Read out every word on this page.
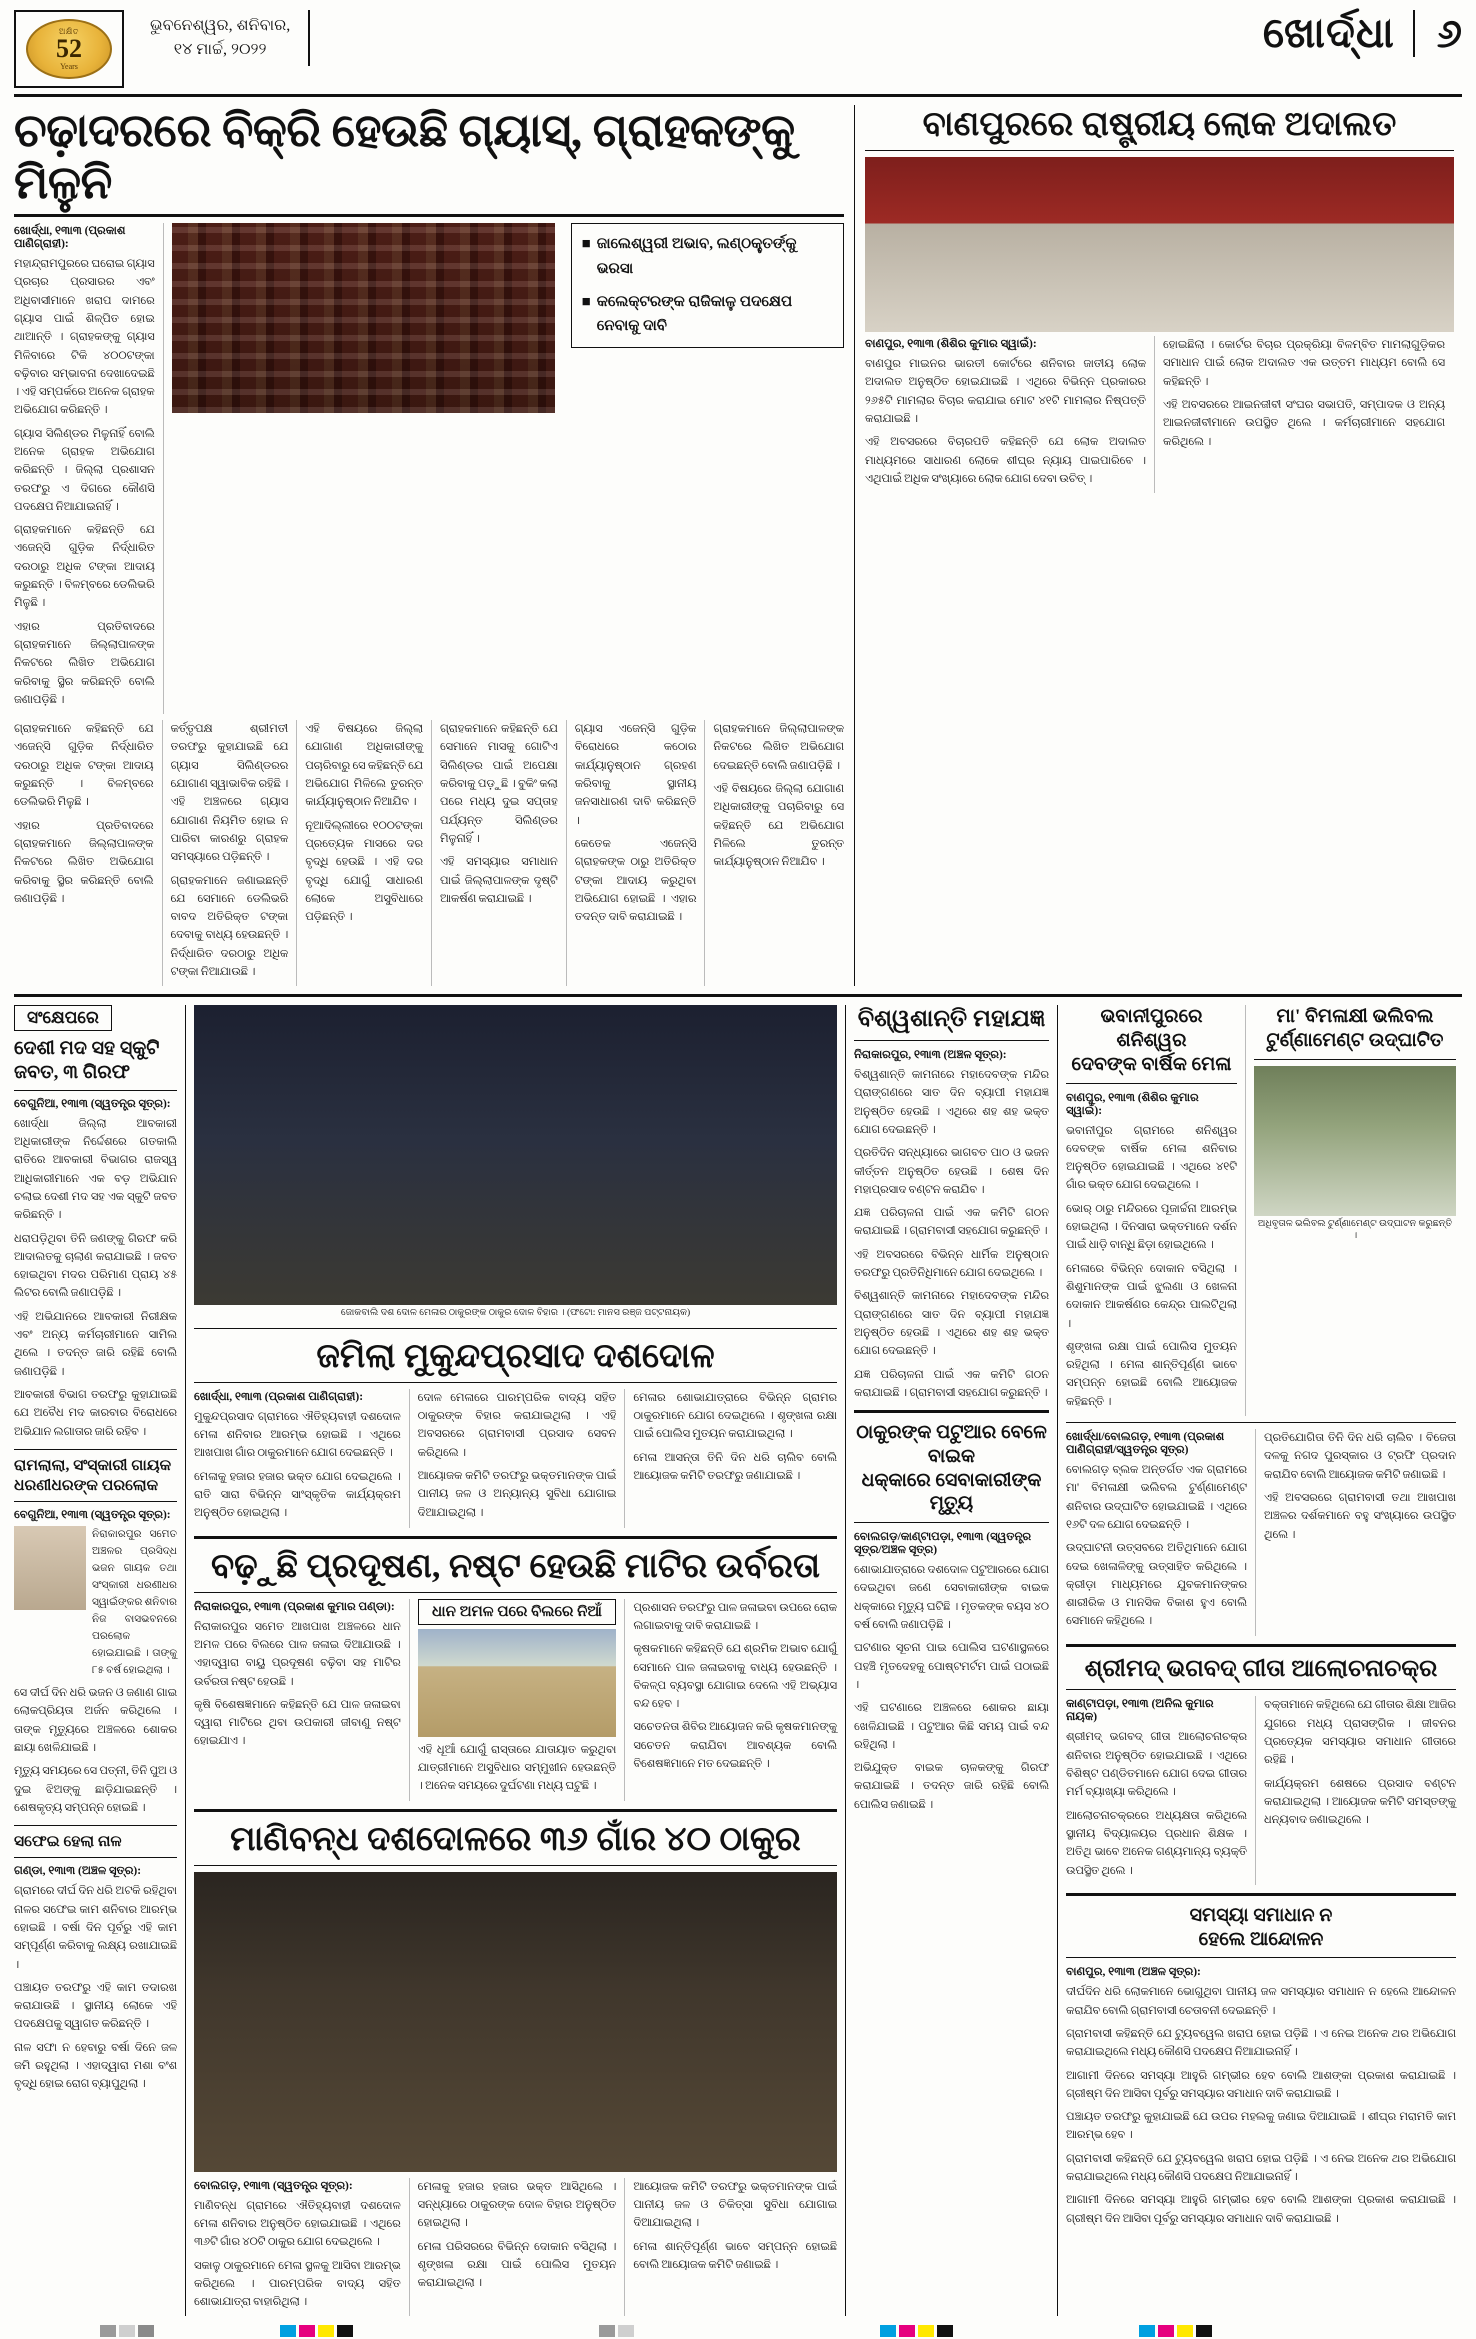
ଅକ୍ଷିତ
52
Years
ଭୁବନେଶ୍ୱର, ଶନିବାର,
୧୪ ମାର୍ଚ୍ଚ, ୨୦୨୨	ଖୋର୍ଦ୍ଧା	୬
ଚଢ଼ାଦରରେ ବିକ୍ରି ହେଉଛି ଗ୍ୟାସ୍, ଗ୍ରାହକଙ୍କୁ ମିଳୁନି
ଖୋର୍ଦ୍ଧା, ୧୩ା୩ (ପ୍ରକାଶ ପାଣିଗ୍ରାହୀ):

ମହାନ୍ଦ୍ରାମପୁରରେ ଘରୋଇ ଗ୍ୟାସ ପ୍ରଚାର ପ୍ରସାରର ଏବଂ ଅଧିବାସୀମାନେ ଖରାପ ଦାମରେ ଗ୍ୟାସ ପାଇଁ ଶିଳ୍ପିତ ହୋଇ ଥାଆନ୍ତି । ଗ୍ରାହକଙ୍କୁ ଗ୍ୟାସ ମିଳିବାରେ ଟିକି ୪୦୦ଟଙ୍କା ବଢ଼ିବାର ସମ୍ଭାବନା ଦେଖାଦେଇଛି । ଏହି ସମ୍ପର୍କରେ ଅନେକ ଗ୍ରାହକ ଅଭିଯୋଗ କରିଛନ୍ତି ।

ଗ୍ୟାସ ସିଲିଣ୍ଡର ମିଳୁନାହିଁ ବୋଲି ଅନେକ ଗ୍ରାହକ ଅଭିଯୋଗ କରିଛନ୍ତି । ଜିଲ୍ଲା ପ୍ରଶାସନ ତରଫରୁ ଏ ଦିଗରେ କୌଣସି ପଦକ୍ଷେପ ନିଆଯାଇନାହିଁ ।

ଗ୍ରାହକମାନେ କହିଛନ୍ତି ଯେ ଏଜେନ୍ସି ଗୁଡ଼ିକ ନିର୍ଦ୍ଧାରିତ ଦରଠାରୁ ଅଧିକ ଟଙ୍କା ଆଦାୟ କରୁଛନ୍ତି । ବିଳମ୍ବରେ ଡେଲିଭରି ମିଳୁଛି ।

ଏହାର ପ୍ରତିବାଦରେ ଗ୍ରାହକମାନେ ଜିଲ୍ଲାପାଳଙ୍କ ନିକଟରେ ଲିଖିତ ଅଭିଯୋଗ କରିବାକୁ ସ୍ଥିର କରିଛନ୍ତି ବୋଲି ଜଣାପଡ଼ିଛି ।

■ ଜାଲେଶ୍ୱରୀ ଅଭାବ, ଲଣ୍ଠକ୍ତ୍ତର୍ଙ୍କୁ ଭରସା
■ କଲେକ୍ଟରଙ୍କ ରାଜିକାଳୁ ପଦକ୍ଷେପ ନେବାକୁ ଦାବି

ଗ୍ରାହକମାନେ କହିଛନ୍ତି ଯେ ଏଜେନ୍ସି ଗୁଡ଼ିକ ନିର୍ଦ୍ଧାରିତ ଦରଠାରୁ ଅଧିକ ଟଙ୍କା ଆଦାୟ କରୁଛନ୍ତି । ବିଳମ୍ବରେ ଡେଲିଭରି ମିଳୁଛି ।

ଏହାର ପ୍ରତିବାଦରେ ଗ୍ରାହକମାନେ ଜିଲ୍ଲାପାଳଙ୍କ ନିକଟରେ ଲିଖିତ ଅଭିଯୋଗ କରିବାକୁ ସ୍ଥିର କରିଛନ୍ତି ବୋଲି ଜଣାପଡ଼ିଛି ।

କର୍ତ୍ତୃପକ୍ଷ ଶ୍ରୀମତୀ ତରଫରୁ କୁହାଯାଇଛି ଯେ ଗ୍ୟାସ ସିଲିଣ୍ଡରର ଯୋଗାଣ ସ୍ୱାଭାବିକ ରହିଛି । ଏହି ଅଞ୍ଚଳରେ ଗ୍ୟାସ ଯୋଗାଣ ନିୟମିତ ହୋଇ ନ ପାରିବା କାରଣରୁ ଗ୍ରାହକ ସମସ୍ୟାରେ ପଡ଼ିଛନ୍ତି ।

ଗ୍ରାହକମାନେ ଜଣାଇଛନ୍ତି ଯେ ସେମାନେ ଡେଲିଭରି ବାବଦ ଅତିରିକ୍ତ ଟଙ୍କା ଦେବାକୁ ବାଧ୍ୟ ହେଉଛନ୍ତି । ନିର୍ଦ୍ଧାରିତ ଦରଠାରୁ ଅଧିକ ଟଙ୍କା ନିଆଯାଉଛି ।

ଏହି ବିଷୟରେ ଜିଲ୍ଲା ଯୋଗାଣ ଅଧିକାରୀଙ୍କୁ ପଚାରିବାରୁ ସେ କହିଛନ୍ତି ଯେ ଅଭିଯୋଗ ମିଳିଲେ ତୁରନ୍ତ କାର୍ଯ୍ୟାନୁଷ୍ଠାନ ନିଆଯିବ ।

ନୂଆଦିଲ୍ଲୀରେ ୧୦୦ଟଙ୍କା ପ୍ରତ୍ୟେକ ମାସରେ ଦର ବୃଦ୍ଧି ହେଉଛି । ଏହି ଦର ବୃଦ୍ଧି ଯୋଗୁଁ ସାଧାରଣ ଲୋକେ ଅସୁବିଧାରେ ପଡ଼ିଛନ୍ତି ।

ଗ୍ରାହକମାନେ କହିଛନ୍ତି ଯେ ସେମାନେ ମାସକୁ ଗୋଟିଏ ସିଲିଣ୍ଡର ପାଇଁ ଅପେକ୍ଷା କରିବାକୁ ପଡ଼ୁଛି । ବୁକିଂ କଲା ପରେ ମଧ୍ୟ ଦୁଇ ସପ୍ତାହ ପର୍ଯ୍ୟନ୍ତ ସିଲିଣ୍ଡର ମିଳୁନାହିଁ ।

ଏହି ସମସ୍ୟାର ସମାଧାନ ପାଇଁ ଜିଲ୍ଲାପାଳଙ୍କ ଦୃଷ୍ଟି ଆକର୍ଷଣ କରାଯାଇଛି ।

ଗ୍ୟାସ ଏଜେନ୍ସି ଗୁଡ଼ିକ ବିରୋଧରେ କଠୋର କାର୍ଯ୍ୟାନୁଷ୍ଠାନ ଗ୍ରହଣ କରିବାକୁ ସ୍ଥାନୀୟ ଜନସାଧାରଣ ଦାବି କରିଛନ୍ତି ।

କେତେକ ଏଜେନ୍ସି ଗ୍ରାହକଙ୍କ ଠାରୁ ଅତିରିକ୍ତ ଟଙ୍କା ଆଦାୟ କରୁଥିବା ଅଭିଯୋଗ ହୋଇଛି । ଏହାର ତଦନ୍ତ ଦାବି କରାଯାଇଛି ।

ଗ୍ରାହକମାନେ ଜିଲ୍ଲାପାଳଙ୍କ ନିକଟରେ ଲିଖିତ ଅଭିଯୋଗ ଦେଇଛନ୍ତି ବୋଲି ଜଣାପଡ଼ିଛି ।

ଏହି ବିଷୟରେ ଜିଲ୍ଲା ଯୋଗାଣ ଅଧିକାରୀଙ୍କୁ ପଚାରିବାରୁ ସେ କହିଛନ୍ତି ଯେ ଅଭିଯୋଗ ମିଳିଲେ ତୁରନ୍ତ କାର୍ଯ୍ୟାନୁଷ୍ଠାନ ନିଆଯିବ ।

ବାଣପୁରରେ ରାଷ୍ଟ୍ରୀୟ ଲୋକ ଅଦାଲତ
ବାଣପୁର, ୧୩ା୩ (ଶିଶିର କୁମାର ସ୍ୱାଇଁ):

ବାଣପୁର ମାଇନର ଭାରତୀ କୋର୍ଟରେ ଶନିବାର ଜାତୀୟ ଲୋକ ଅଦାଲତ ଅନୁଷ୍ଠିତ ହୋଇଯାଇଛି । ଏଥିରେ ବିଭିନ୍ନ ପ୍ରକାରର ୨୬୫ଟି ମାମଲାର ବିଚାର କରାଯାଇ ମୋଟ ୪୧ଟି ମାମଲାର ନିଷ୍ପତ୍ତି କରାଯାଇଛି ।

ଏହି ଅବସରରେ ବିଚାରପତି କହିଛନ୍ତି ଯେ ଲୋକ ଅଦାଲତ ମାଧ୍ୟମରେ ସାଧାରଣ ଲୋକେ ଶୀଘ୍ର ନ୍ୟାୟ ପାଇପାରିବେ । ଏଥିପାଇଁ ଅଧିକ ସଂଖ୍ୟାରେ ଲୋକ ଯୋଗ ଦେବା ଉଚିତ୍ ।

ହୋଇଛିଲା । କୋର୍ଟର ବିଚାର ପ୍ରକ୍ରିୟା ବିଳମ୍ବିତ ମାମଲାଗୁଡ଼ିକର ସମାଧାନ ପାଇଁ ଲୋକ ଅଦାଲତ ଏକ ଉତ୍ତମ ମାଧ୍ୟମ ବୋଲି ସେ କହିଛନ୍ତି ।

ଏହି ଅବସରରେ ଆଇନଜୀବୀ ସଂଘର ସଭାପତି, ସମ୍ପାଦକ ଓ ଅନ୍ୟ ଆଇନଜୀବୀମାନେ ଉପସ୍ଥିତ ଥିଲେ । କର୍ମଚାରୀମାନେ ସହଯୋଗ କରିଥିଲେ ।

ସଂକ୍ଷେପରେ
ଦେଶୀ ମଦ ସହ ସ୍କୁଟି ଜବତ, ୩ ଗିରଫ
ବେଗୁନିଆ, ୧୩ା୩ (ସ୍ୱତନ୍ତ୍ର ସୂତ୍ର):

ଖୋର୍ଦ୍ଧା ଜିଲ୍ଲା ଆବକାରୀ ଅଧିକାରୀଙ୍କ ନିର୍ଦ୍ଦେଶରେ ଗତକାଲି ରାତିରେ ଆବକାରୀ ବିଭାଗର ରାଜସ୍ୱ ଆଧିକାରୀମାନେ ଏକ ବଡ଼ ଅଭିଯାନ ଚଲାଇ ଦେଶୀ ମଦ ସହ ଏକ ସ୍କୁଟି ଜବତ କରିଛନ୍ତି ।

ଧରାପଡ଼ିଥିବା ତିନି ଜଣଙ୍କୁ ଗିରଫ କରି ଆଦାଲତକୁ ଚାଲାଣ କରାଯାଇଛି । ଜବତ ହୋଇଥିବା ମଦର ପରିମାଣ ପ୍ରାୟ ୪୫ ଲିଟର ବୋଲି ଜଣାପଡ଼ିଛି ।

ଏହି ଅଭିଯାନରେ ଆବକାରୀ ନିରୀକ୍ଷକ ଏବଂ ଅନ୍ୟ କର୍ମଚାରୀମାନେ ସାମିଲ ଥିଲେ । ତଦନ୍ତ ଜାରି ରହିଛି ବୋଲି ଜଣାପଡ଼ିଛି ।

ଆବକାରୀ ବିଭାଗ ତରଫରୁ କୁହାଯାଇଛି ଯେ ଅବୈଧ ମଦ କାରବାର ବିରୋଧରେ ଅଭିଯାନ ଲଗାତାର ଜାରି ରହିବ ।

ରାମଲାଲା, ସଂସ୍କାରୀ ଗାୟକ ଧରଣୀଧରଙ୍କ ପରଲୋକ
ବେଗୁନିଆ, ୧୩ା୩ (ସ୍ୱତନ୍ତ୍ର ସୂତ୍ର):

ନିରାକାରପୁର ସମେତ ଅଞ୍ଚଳର ପ୍ରସିଦ୍ଧ ଭଜନ ଗାୟକ ତଥା ସଂସ୍କାରୀ ଧରଣୀଧର ସ୍ୱାଇଁଙ୍କର ଶନିବାର ନିଜ ବାସଭବନରେ ପରଲୋକ ହୋଇଯାଇଛି । ତାଙ୍କୁ ୮୫ ବର୍ଷ ହୋଇଥିଲା ।

ସେ ଦୀର୍ଘ ଦିନ ଧରି ଭଜନ ଓ ଜଣାଣ ଗାଇ ଲୋକପ୍ରିୟତା ଅର୍ଜନ କରିଥିଲେ । ତାଙ୍କ ମୃତ୍ୟୁରେ ଅଞ୍ଚଳରେ ଶୋକର ଛାୟା ଖେଳିଯାଇଛି ।

ମୃତ୍ୟୁ ସମୟରେ ସେ ପତ୍ନୀ, ତିନି ପୁଅ ଓ ଦୁଇ ଝିଅଙ୍କୁ ଛାଡ଼ିଯାଇଛନ୍ତି । ଶେଷକୃତ୍ୟ ସମ୍ପନ୍ନ ହୋଇଛି ।

ସଫେଇ ହେଲା ନାଳ
ଗଣ୍ଡା, ୧୩ା୩ (ଅଞ୍ଚଳ ସୂତ୍ର):

ଗ୍ରାମରେ ଦୀର୍ଘ ଦିନ ଧରି ଅଟକି ରହିଥିବା ନାଳର ସଫେଇ କାମ ଶନିବାର ଆରମ୍ଭ ହୋଇଛି । ବର୍ଷା ଦିନ ପୂର୍ବରୁ ଏହି କାମ ସମ୍ପୂର୍ଣ୍ଣ କରିବାକୁ ଲକ୍ଷ୍ୟ ରଖାଯାଇଛି ।

ପଞ୍ଚାୟତ ତରଫରୁ ଏହି କାମ ତଦାରଖ କରାଯାଉଛି । ସ୍ଥାନୀୟ ଲୋକେ ଏହି ପଦକ୍ଷେପକୁ ସ୍ୱାଗତ କରିଛନ୍ତି ।

ନାଳ ସଫା ନ ହେବାରୁ ବର୍ଷା ଦିନେ ଜଳ ଜମି ରହୁଥିଲା । ଏହାଦ୍ୱାରା ମଶା ବଂଶ ବୃଦ୍ଧି ହୋଇ ରୋଗ ବ୍ୟାପୁଥିଲା ।

ଜୋକବାଲି ଦଶ ଦୋଳ ମେଳାର ଠାକୁରଙ୍କ ଠାକୁର ଦୋଳ ବିହାର । (ଫଟୋ: ମାନସ ରଞ୍ଜ ପଟ୍ଟନାୟକ)
ଜମିଲା ମୁକୁନ୍ଦପ୍ରସାଦ ଦଶଦୋଳ
ଖୋର୍ଦ୍ଧା, ୧୩ା୩ (ପ୍ରକାଶ ପାଣିଗ୍ରାହୀ):

ମୁକୁନ୍ଦପ୍ରସାଦ ଗ୍ରାମରେ ଐତିହ୍ୟବାହୀ ଦଶଦୋଳ ମେଳା ଶନିବାର ଆରମ୍ଭ ହୋଇଛି । ଏଥିରେ ଆଖପାଖ ଗାଁର ଠାକୁରମାନେ ଯୋଗ ଦେଇଛନ୍ତି ।

ମେଳାକୁ ହଜାର ହଜାର ଭକ୍ତ ଯୋଗ ଦେଇଥିଲେ । ରାତି ସାରା ବିଭିନ୍ନ ସାଂସ୍କୃତିକ କାର୍ଯ୍ୟକ୍ରମ ଅନୁଷ୍ଠିତ ହୋଇଥିଲା ।

ଦୋଳ ମେଳାରେ ପାରମ୍ପରିକ ବାଦ୍ୟ ସହିତ ଠାକୁରଙ୍କ ବିହାର କରାଯାଇଥିଲା । ଏହି ଅବସରରେ ଗ୍ରାମବାସୀ ପ୍ରସାଦ ସେବନ କରିଥିଲେ ।

ଆୟୋଜକ କମିଟି ତରଫରୁ ଭକ୍ତମାନଙ୍କ ପାଇଁ ପାନୀୟ ଜଳ ଓ ଅନ୍ୟାନ୍ୟ ସୁବିଧା ଯୋଗାଇ ଦିଆଯାଇଥିଲା ।

ମେଳାର ଶୋଭାଯାତ୍ରାରେ ବିଭିନ୍ନ ଗ୍ରାମର ଠାକୁରମାନେ ଯୋଗ ଦେଇଥିଲେ । ଶୃଙ୍ଖଳା ରକ୍ଷା ପାଇଁ ପୋଲିସ ମୁତୟନ କରାଯାଇଥିଲା ।

ମେଳା ଆସନ୍ତା ତିନି ଦିନ ଧରି ଚାଲିବ ବୋଲି ଆୟୋଜକ କମିଟି ତରଫରୁ ଜଣାଯାଇଛି ।

ବଢ଼ୁଛି ପ୍ରଦୂଷଣ, ନଷ୍ଟ ହେଉଛି ମାଟିର ଉର୍ବରତା
ନିରାକାରପୁର, ୧୩ା୩ (ପ୍ରକାଶ କୁମାର ପଣ୍ଡା):

ନିରାକାରପୁର ସମେତ ଆଖପାଖ ଅଞ୍ଚଳରେ ଧାନ ଅମଳ ପରେ ବିଲରେ ପାଳ ଜଳାଇ ଦିଆଯାଉଛି । ଏହାଦ୍ୱାରା ବାୟୁ ପ୍ରଦୂଷଣ ବଢ଼ିବା ସହ ମାଟିର ଉର୍ବରତା ନଷ୍ଟ ହେଉଛି ।

କୃଷି ବିଶେଷଜ୍ଞମାନେ କହିଛନ୍ତି ଯେ ପାଳ ଜଳାଇବା ଦ୍ୱାରା ମାଟିରେ ଥିବା ଉପକାରୀ ଜୀବାଣୁ ନଷ୍ଟ ହୋଇଯାଏ ।

ଧାନ ଅମଳ ପରେ ବିଲରେ ନିଆଁ

ଏହି ଧୂଆଁ ଯୋଗୁଁ ରାସ୍ତାରେ ଯାତାୟାତ କରୁଥିବା ଯାତ୍ରୀମାନେ ଅସୁବିଧାର ସମ୍ମୁଖୀନ ହେଉଛନ୍ତି । ଅନେକ ସମୟରେ ଦୁର୍ଘଟଣା ମଧ୍ୟ ଘଟୁଛି ।

ପ୍ରଶାସନ ତରଫରୁ ପାଳ ଜଳାଇବା ଉପରେ ରୋକ ଲଗାଇବାକୁ ଦାବି କରାଯାଇଛି ।

କୃଷକମାନେ କହିଛନ୍ତି ଯେ ଶ୍ରମିକ ଅଭାବ ଯୋଗୁଁ ସେମାନେ ପାଳ ଜଳାଇବାକୁ ବାଧ୍ୟ ହେଉଛନ୍ତି । ବିକଳ୍ପ ବ୍ୟବସ୍ଥା ଯୋଗାଇ ଦେଲେ ଏହି ଅଭ୍ୟାସ ବନ୍ଦ ହେବ ।

ସଚେତନତା ଶିବିର ଆୟୋଜନ କରି କୃଷକମାନଙ୍କୁ ସଚେତନ କରାଯିବା ଆବଶ୍ୟକ ବୋଲି ବିଶେଷଜ୍ଞମାନେ ମତ ଦେଇଛନ୍ତି ।

ମାଣିବନ୍ଧ ଦଶଦୋଳରେ ୩୬ ଗାଁର ୪୦ ଠାକୁର
ବୋଲଗଡ଼, ୧୩ା୩ (ସ୍ୱତନ୍ତ୍ର ସୂତ୍ର):

ମାଣିବନ୍ଧ ଗ୍ରାମରେ ଐତିହ୍ୟବାହୀ ଦଶଦୋଳ ମେଳା ଶନିବାର ଅନୁଷ୍ଠିତ ହୋଇଯାଇଛି । ଏଥିରେ ୩୬ଟି ଗାଁର ୪୦ଟି ଠାକୁର ଯୋଗ ଦେଇଥିଲେ ।

ସକାଳୁ ଠାକୁରମାନେ ମେଳା ସ୍ଥଳକୁ ଆସିବା ଆରମ୍ଭ କରିଥିଲେ । ପାରମ୍ପରିକ ବାଦ୍ୟ ସହିତ ଶୋଭାଯାତ୍ରା ବାହାରିଥିଲା ।

ମେଳାକୁ ହଜାର ହଜାର ଭକ୍ତ ଆସିଥିଲେ । ସନ୍ଧ୍ୟାରେ ଠାକୁରଙ୍କ ଦୋଳ ବିହାର ଅନୁଷ୍ଠିତ ହୋଇଥିଲା ।

ମେଳା ପରିସରରେ ବିଭିନ୍ନ ଦୋକାନ ବସିଥିଲା । ଶୃଙ୍ଖଳା ରକ୍ଷା ପାଇଁ ପୋଲିସ ମୁତୟନ କରାଯାଇଥିଲା ।

ଆୟୋଜକ କମିଟି ତରଫରୁ ଭକ୍ତମାନଙ୍କ ପାଇଁ ପାନୀୟ ଜଳ ଓ ଚିକିତ୍ସା ସୁବିଧା ଯୋଗାଇ ଦିଆଯାଇଥିଲା ।

ମେଳା ଶାନ୍ତିପୂର୍ଣ୍ଣ ଭାବେ ସମ୍ପନ୍ନ ହୋଇଛି ବୋଲି ଆୟୋଜକ କମିଟି ଜଣାଇଛି ।

ବିଶ୍ୱଶାନ୍ତି ମହାଯଜ୍ଞ
ନିରାକାରପୁର, ୧୩ା୩ (ଅଞ୍ଚଳ ସୂତ୍ର):

ବିଶ୍ୱଶାନ୍ତି କାମନାରେ ମହାଦେବଙ୍କ ମନ୍ଦିର ପ୍ରାଙ୍ଗଣରେ ସାତ ଦିନ ବ୍ୟାପୀ ମହାଯଜ୍ଞ ଅନୁଷ୍ଠିତ ହେଉଛି । ଏଥିରେ ଶହ ଶହ ଭକ୍ତ ଯୋଗ ଦେଇଛନ୍ତି ।

ପ୍ରତିଦିନ ସନ୍ଧ୍ୟାରେ ଭାଗବତ ପାଠ ଓ ଭଜନ କୀର୍ତ୍ତନ ଅନୁଷ୍ଠିତ ହେଉଛି । ଶେଷ ଦିନ ମହାପ୍ରସାଦ ବଣ୍ଟନ କରାଯିବ ।

ଯଜ୍ଞ ପରିଚାଳନା ପାଇଁ ଏକ କମିଟି ଗଠନ କରାଯାଇଛି । ଗ୍ରାମବାସୀ ସହଯୋଗ କରୁଛନ୍ତି ।

ଏହି ଅବସରରେ ବିଭିନ୍ନ ଧାର୍ମିକ ଅନୁଷ୍ଠାନ ତରଫରୁ ପ୍ରତିନିଧିମାନେ ଯୋଗ ଦେଇଥିଲେ ।

ବିଶ୍ୱଶାନ୍ତି କାମନାରେ ମହାଦେବଙ୍କ ମନ୍ଦିର ପ୍ରାଙ୍ଗଣରେ ସାତ ଦିନ ବ୍ୟାପୀ ମହାଯଜ୍ଞ ଅନୁଷ୍ଠିତ ହେଉଛି । ଏଥିରେ ଶହ ଶହ ଭକ୍ତ ଯୋଗ ଦେଇଛନ୍ତି ।

ଯଜ୍ଞ ପରିଚାଳନା ପାଇଁ ଏକ କମିଟି ଗଠନ କରାଯାଇଛି । ଗ୍ରାମବାସୀ ସହଯୋଗ କରୁଛନ୍ତି ।

ଠାକୁରଙ୍କ ପଟୁଆର ବେଳେ ବାଇକ
ଧକ୍କାରେ ସେବାକାରୀଙ୍କ ମୃତ୍ୟୁ
ବୋଲଗଡ଼/କାଣ୍ଟାପଡ଼ା, ୧୩ା୩ (ସ୍ୱତନ୍ତ୍ର ସୂତ୍ର/ଅଞ୍ଚଳ ସୂତ୍ର)

ଶୋଭାଯାତ୍ରାରେ ଦଶଦୋଳ ପଟୁଆରରେ ଯୋଗ ଦେଇଥିବା ଜଣେ ସେବାକାରୀଙ୍କ ବାଇକ ଧକ୍କାରେ ମୃତ୍ୟୁ ଘଟିଛି । ମୃତକଙ୍କ ବୟସ ୪୦ ବର୍ଷ ବୋଲି ଜଣାପଡ଼ିଛି ।

ଘଟଣାର ସୂଚନା ପାଇ ପୋଲିସ ଘଟଣାସ୍ଥଳରେ ପହଞ୍ଚି ମୃତଦେହକୁ ପୋଷ୍ଟମର୍ଟମ ପାଇଁ ପଠାଇଛି ।

ଏହି ଘଟଣାରେ ଅଞ୍ଚଳରେ ଶୋକର ଛାୟା ଖେଳିଯାଇଛି । ପଟୁଆର କିଛି ସମୟ ପାଇଁ ବନ୍ଦ ରହିଥିଲା ।

ଅଭିଯୁକ୍ତ ବାଇକ ଚାଳକଙ୍କୁ ଗିରଫ କରାଯାଇଛି । ତଦନ୍ତ ଜାରି ରହିଛି ବୋଲି ପୋଲିସ ଜଣାଇଛି ।

ଭବାନୀପୁରରେ ଶନିଶ୍ୱର
ଦେବଙ୍କ ବାର୍ଷିକ ମେଳା
ବାଣପୁର, ୧୩ା୩ (ଶିଶିର କୁମାର ସ୍ୱାଇଁ):

ଭବାନୀପୁର ଗ୍ରାମରେ ଶନିଶ୍ୱର ଦେବଙ୍କ ବାର୍ଷିକ ମେଳା ଶନିବାର ଅନୁଷ୍ଠିତ ହୋଇଯାଇଛି । ଏଥିରେ ୪୧ଟି ଗାଁର ଭକ୍ତ ଯୋଗ ଦେଇଥିଲେ ।

ଭୋର୍ ଠାରୁ ମନ୍ଦିରରେ ପୂଜାର୍ଚ୍ଚନା ଆରମ୍ଭ ହୋଇଥିଲା । ଦିନସାରା ଭକ୍ତମାନେ ଦର୍ଶନ ପାଇଁ ଧାଡ଼ି ବାନ୍ଧି ଛିଡ଼ା ହୋଇଥିଲେ ।

ମେଳାରେ ବିଭିନ୍ନ ଦୋକାନ ବସିଥିଲା । ଶିଶୁମାନଙ୍କ ପାଇଁ ଝୁଲଣା ଓ ଖେଳନା ଦୋକାନ ଆକର୍ଷଣର କେନ୍ଦ୍ର ପାଲଟିଥିଲା ।

ଶୃଙ୍ଖଳା ରକ୍ଷା ପାଇଁ ପୋଲିସ ମୁତୟନ ରହିଥିଲା । ମେଳା ଶାନ୍ତିପୂର୍ଣ୍ଣ ଭାବେ ସମ୍ପନ୍ନ ହୋଇଛି ବୋଲି ଆୟୋଜକ କହିଛନ୍ତି ।

ମା' ବିମଳାକ୍ଷୀ ଭଲିବଲ ଟୁର୍ଣ୍ଣାମେଣ୍ଟ ଉଦ୍‌ଘାଟିତ
ଅଧିବୃତାଳ ଭଲିବଲ ଟୁର୍ଣ୍ଣାମେଣ୍ଟ ଉଦ୍‌ଘାଟନ କରୁଛନ୍ତି ।
ଖୋର୍ଦ୍ଧା/ବୋଲଗଡ଼, ୧୩ା୩ (ପ୍ରକାଶ ପାଣିଗ୍ରାହୀ/ସ୍ୱତନ୍ତ୍ର ସୂତ୍ର)

ବୋଲଗଡ଼ ବ୍ଲକ ଅନ୍ତର୍ଗତ ଏକ ଗ୍ରାମରେ ମା' ବିମଳାକ୍ଷୀ ଭଲିବଲ ଟୁର୍ଣ୍ଣାମେଣ୍ଟ ଶନିବାର ଉଦ୍‌ଘାଟିତ ହୋଇଯାଇଛି । ଏଥିରେ ୧୬ଟି ଦଳ ଯୋଗ ଦେଇଛନ୍ତି ।

ଉଦ୍‌ଘାଟନୀ ଉତ୍ସବରେ ଅତିଥିମାନେ ଯୋଗ ଦେଇ ଖେଳାଳିଙ୍କୁ ଉତ୍ସାହିତ କରିଥିଲେ । କ୍ରୀଡ଼ା ମାଧ୍ୟମରେ ଯୁବକମାନଙ୍କର ଶାରୀରିକ ଓ ମାନସିକ ବିକାଶ ହୁଏ ବୋଲି ସେମାନେ କହିଥିଲେ ।

ପ୍ରତିଯୋଗିତା ତିନି ଦିନ ଧରି ଚାଲିବ । ବିଜେତା ଦଳକୁ ନଗଦ ପୁରସ୍କାର ଓ ଟ୍ରଫି ପ୍ରଦାନ କରାଯିବ ବୋଲି ଆୟୋଜକ କମିଟି ଜଣାଇଛି ।

ଏହି ଅବସରରେ ଗ୍ରାମବାସୀ ତଥା ଆଖପାଖ ଅଞ୍ଚଳର ଦର୍ଶକମାନେ ବହୁ ସଂଖ୍ୟାରେ ଉପସ୍ଥିତ ଥିଲେ ।

ଶ୍ରୀମଦ୍ ଭଗବଦ୍ ଗୀତା ଆଲୋଚନାଚକ୍ର
କାଣ୍ଟାପଡ଼ା, ୧୩ା୩ (ଅନିଲ କୁମାର ନାୟକ)

ଶ୍ରୀମଦ୍ ଭଗବଦ୍ ଗୀତା ଆଲୋଚନାଚକ୍ର ଶନିବାର ଅନୁଷ୍ଠିତ ହୋଇଯାଇଛି । ଏଥିରେ ବିଶିଷ୍ଟ ପଣ୍ଡିତମାନେ ଯୋଗ ଦେଇ ଗୀତାର ମର୍ମ ବ୍ୟାଖ୍ୟା କରିଥିଲେ ।

ଆଲୋଚନାଚକ୍ରରେ ଅଧ୍ୟକ୍ଷତା କରିଥିଲେ ସ୍ଥାନୀୟ ବିଦ୍ୟାଳୟର ପ୍ରଧାନ ଶିକ୍ଷକ । ଅତିଥି ଭାବେ ଅନେକ ଗଣ୍ୟମାନ୍ୟ ବ୍ୟକ୍ତି ଉପସ୍ଥିତ ଥିଲେ ।

ବକ୍ତାମାନେ କହିଥିଲେ ଯେ ଗୀତାର ଶିକ୍ଷା ଆଜିର ଯୁଗରେ ମଧ୍ୟ ପ୍ରାସଙ୍ଗିକ । ଜୀବନର ପ୍ରତ୍ୟେକ ସମସ୍ୟାର ସମାଧାନ ଗୀତାରେ ରହିଛି ।

କାର୍ଯ୍ୟକ୍ରମ ଶେଷରେ ପ୍ରସାଦ ବଣ୍ଟନ କରାଯାଇଥିଲା । ଆୟୋଜକ କମିଟି ସମସ୍ତଙ୍କୁ ଧନ୍ୟବାଦ ଜଣାଇଥିଲେ ।

ସମସ୍ୟା ସମାଧାନ ନ
ହେଲେ ଆନ୍ଦୋଳନ
ବାଣପୁର, ୧୩ା୩ (ଅଞ୍ଚଳ ସୂତ୍ର):

ଦୀର୍ଘଦିନ ଧରି ଲୋକମାନେ ଭୋଗୁଥିବା ପାନୀୟ ଜଳ ସମସ୍ୟାର ସମାଧାନ ନ ହେଲେ ଆନ୍ଦୋଳନ କରାଯିବ ବୋଲି ଗ୍ରାମବାସୀ ଚେତାବନୀ ଦେଇଛନ୍ତି ।

ଗ୍ରାମବାସୀ କହିଛନ୍ତି ଯେ ଟ୍ୟୁବୱେଲ ଖରାପ ହୋଇ ପଡ଼ିଛି । ଏ ନେଇ ଅନେକ ଥର ଅଭିଯୋଗ କରାଯାଇଥିଲେ ମଧ୍ୟ କୌଣସି ପଦକ୍ଷେପ ନିଆଯାଇନାହିଁ ।

ଆଗାମୀ ଦିନରେ ସମସ୍ୟା ଆହୁରି ଗମ୍ଭୀର ହେବ ବୋଲି ଆଶଙ୍କା ପ୍ରକାଶ କରାଯାଇଛି । ଗ୍ରୀଷ୍ମ ଦିନ ଆସିବା ପୂର୍ବରୁ ସମସ୍ୟାର ସମାଧାନ ଦାବି କରାଯାଇଛି ।

ପଞ୍ଚାୟତ ତରଫରୁ କୁହାଯାଇଛି ଯେ ଉପର ମହଲକୁ ଜଣାଇ ଦିଆଯାଇଛି । ଶୀଘ୍ର ମରାମତି କାମ ଆରମ୍ଭ ହେବ ।

ଗ୍ରାମବାସୀ କହିଛନ୍ତି ଯେ ଟ୍ୟୁବୱେଲ ଖରାପ ହୋଇ ପଡ଼ିଛି । ଏ ନେଇ ଅନେକ ଥର ଅଭିଯୋଗ କରାଯାଇଥିଲେ ମଧ୍ୟ କୌଣସି ପଦକ୍ଷେପ ନିଆଯାଇନାହିଁ ।

ଆଗାମୀ ଦିନରେ ସମସ୍ୟା ଆହୁରି ଗମ୍ଭୀର ହେବ ବୋଲି ଆଶଙ୍କା ପ୍ରକାଶ କରାଯାଇଛି । ଗ୍ରୀଷ୍ମ ଦିନ ଆସିବା ପୂର୍ବରୁ ସମସ୍ୟାର ସମାଧାନ ଦାବି କରାଯାଇଛି ।
